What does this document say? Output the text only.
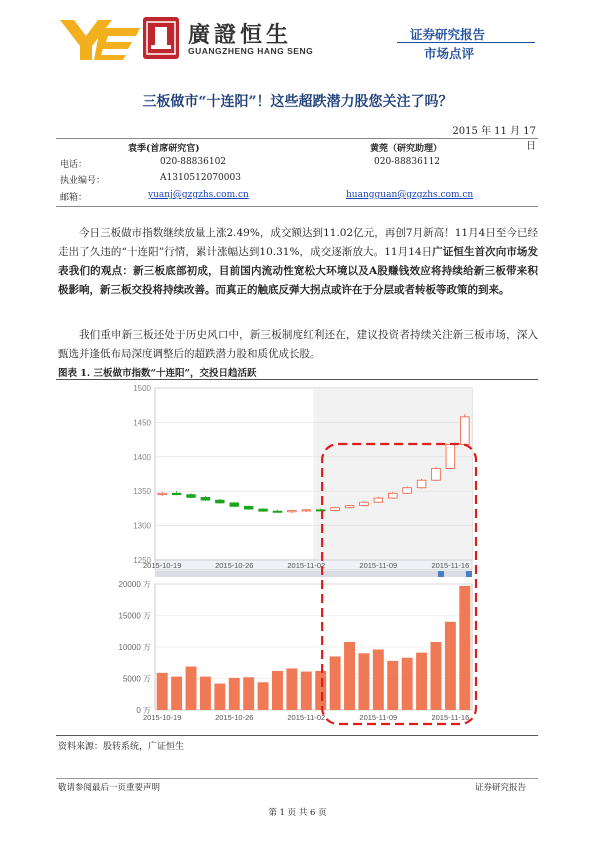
廣證恒生
GUANGZHENG HANG SENG
证券研究报告
市场点评
三板做市“十连阳”！这些超跌潜力股您关注了吗？
2015 年 11 月 17 日
袁季(首席研究官)	黄莞（研究助理）
电话：	020-88836102	020-88836112
执业编号：	A1310512070003
邮箱：	yuanj@gzgzhs.com.cn	huangguan@gzgzhs.com.cn
今日三板做市指数继续放量上涨2.49%，成交额达到11.02亿元，再创7月新高！11月4日至今已经走出了久违的“十连阳”行情，累计涨幅达到10.31%，成交逐渐放大。11月14日广证恒生首次向市场发表我们的观点：新三板底部初成，目前国内流动性宽松大环境以及A股赚钱效应将持续给新三板带来积极影响，新三板交投将持续改善。而真正的触底反弹大拐点或许在于分层或者转板等政策的到来。
我们重申新三板还处于历史风口中，新三板制度红利还在，建议投资者持续关注新三板市场，深入甄选并逢低布局深度调整后的超跌潜力股和质优成长股。
图表 1. 三板做市指数“十连阳”，交投日趋活跃
1250
1300
1350
1400
1450
1500
2015-10-19	2015-10-26	2015-11-02	2015-11-09	2015-11-16
0 万
5000 万
10000 万
15000 万
20000 万
2015-10-19	2015-10-26	2015-11-02	2015-11-09	2015-11-16
资料来源：股转系统，广证恒生
敬请参阅最后一页重要声明	证券研究报告
第 1 页 共 6 页
